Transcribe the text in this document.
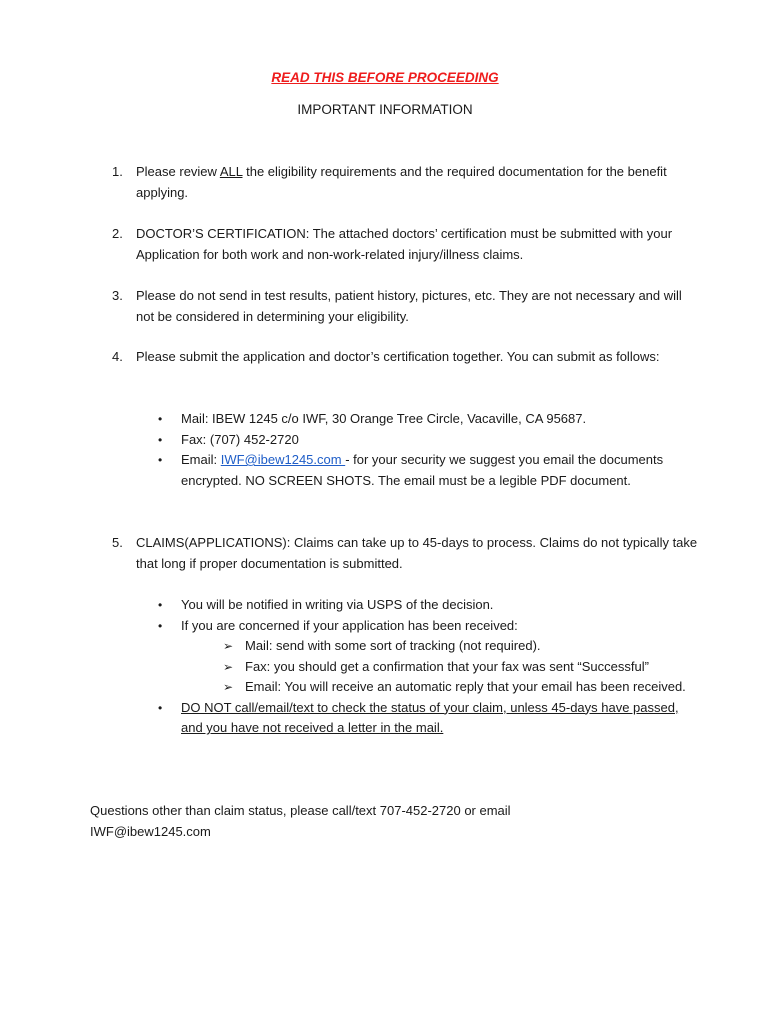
READ THIS BEFORE PROCEEDING
IMPORTANT INFORMATION
1.	Please review ALL the eligibility requirements and the required documentation for the benefit applying.
2.	DOCTOR’S CERTIFICATION: The attached doctors’ certification must be submitted with your Application for both work and non-work-related injury/illness claims.
3.	Please do not send in test results, patient history, pictures, etc. They are not necessary and will not be considered in determining your eligibility.
4.	Please submit the application and doctor’s certification together. You can submit as follows:
• Mail: IBEW 1245 c/o IWF, 30 Orange Tree Circle, Vacaville, CA 95687.
• Fax: (707) 452-2720
• Email: IWF@ibew1245.com - for your security we suggest you email the documents encrypted. NO SCREEN SHOTS. The email must be a legible PDF document.
5.	CLAIMS(APPLICATIONS): Claims can take up to 45-days to process. Claims do not typically take that long if proper documentation is submitted.
• You will be notified in writing via USPS of the decision.
• If you are concerned if your application has been received:
➢ Mail: send with some sort of tracking (not required).
➢ Fax: you should get a confirmation that your fax was sent “Successful”
➢ Email: You will receive an automatic reply that your email has been received.
• DO NOT call/email/text to check the status of your claim, unless 45-days have passed, and you have not received a letter in the mail.
Questions other than claim status, please call/text 707-452-2720 or email
IWF@ibew1245.com
